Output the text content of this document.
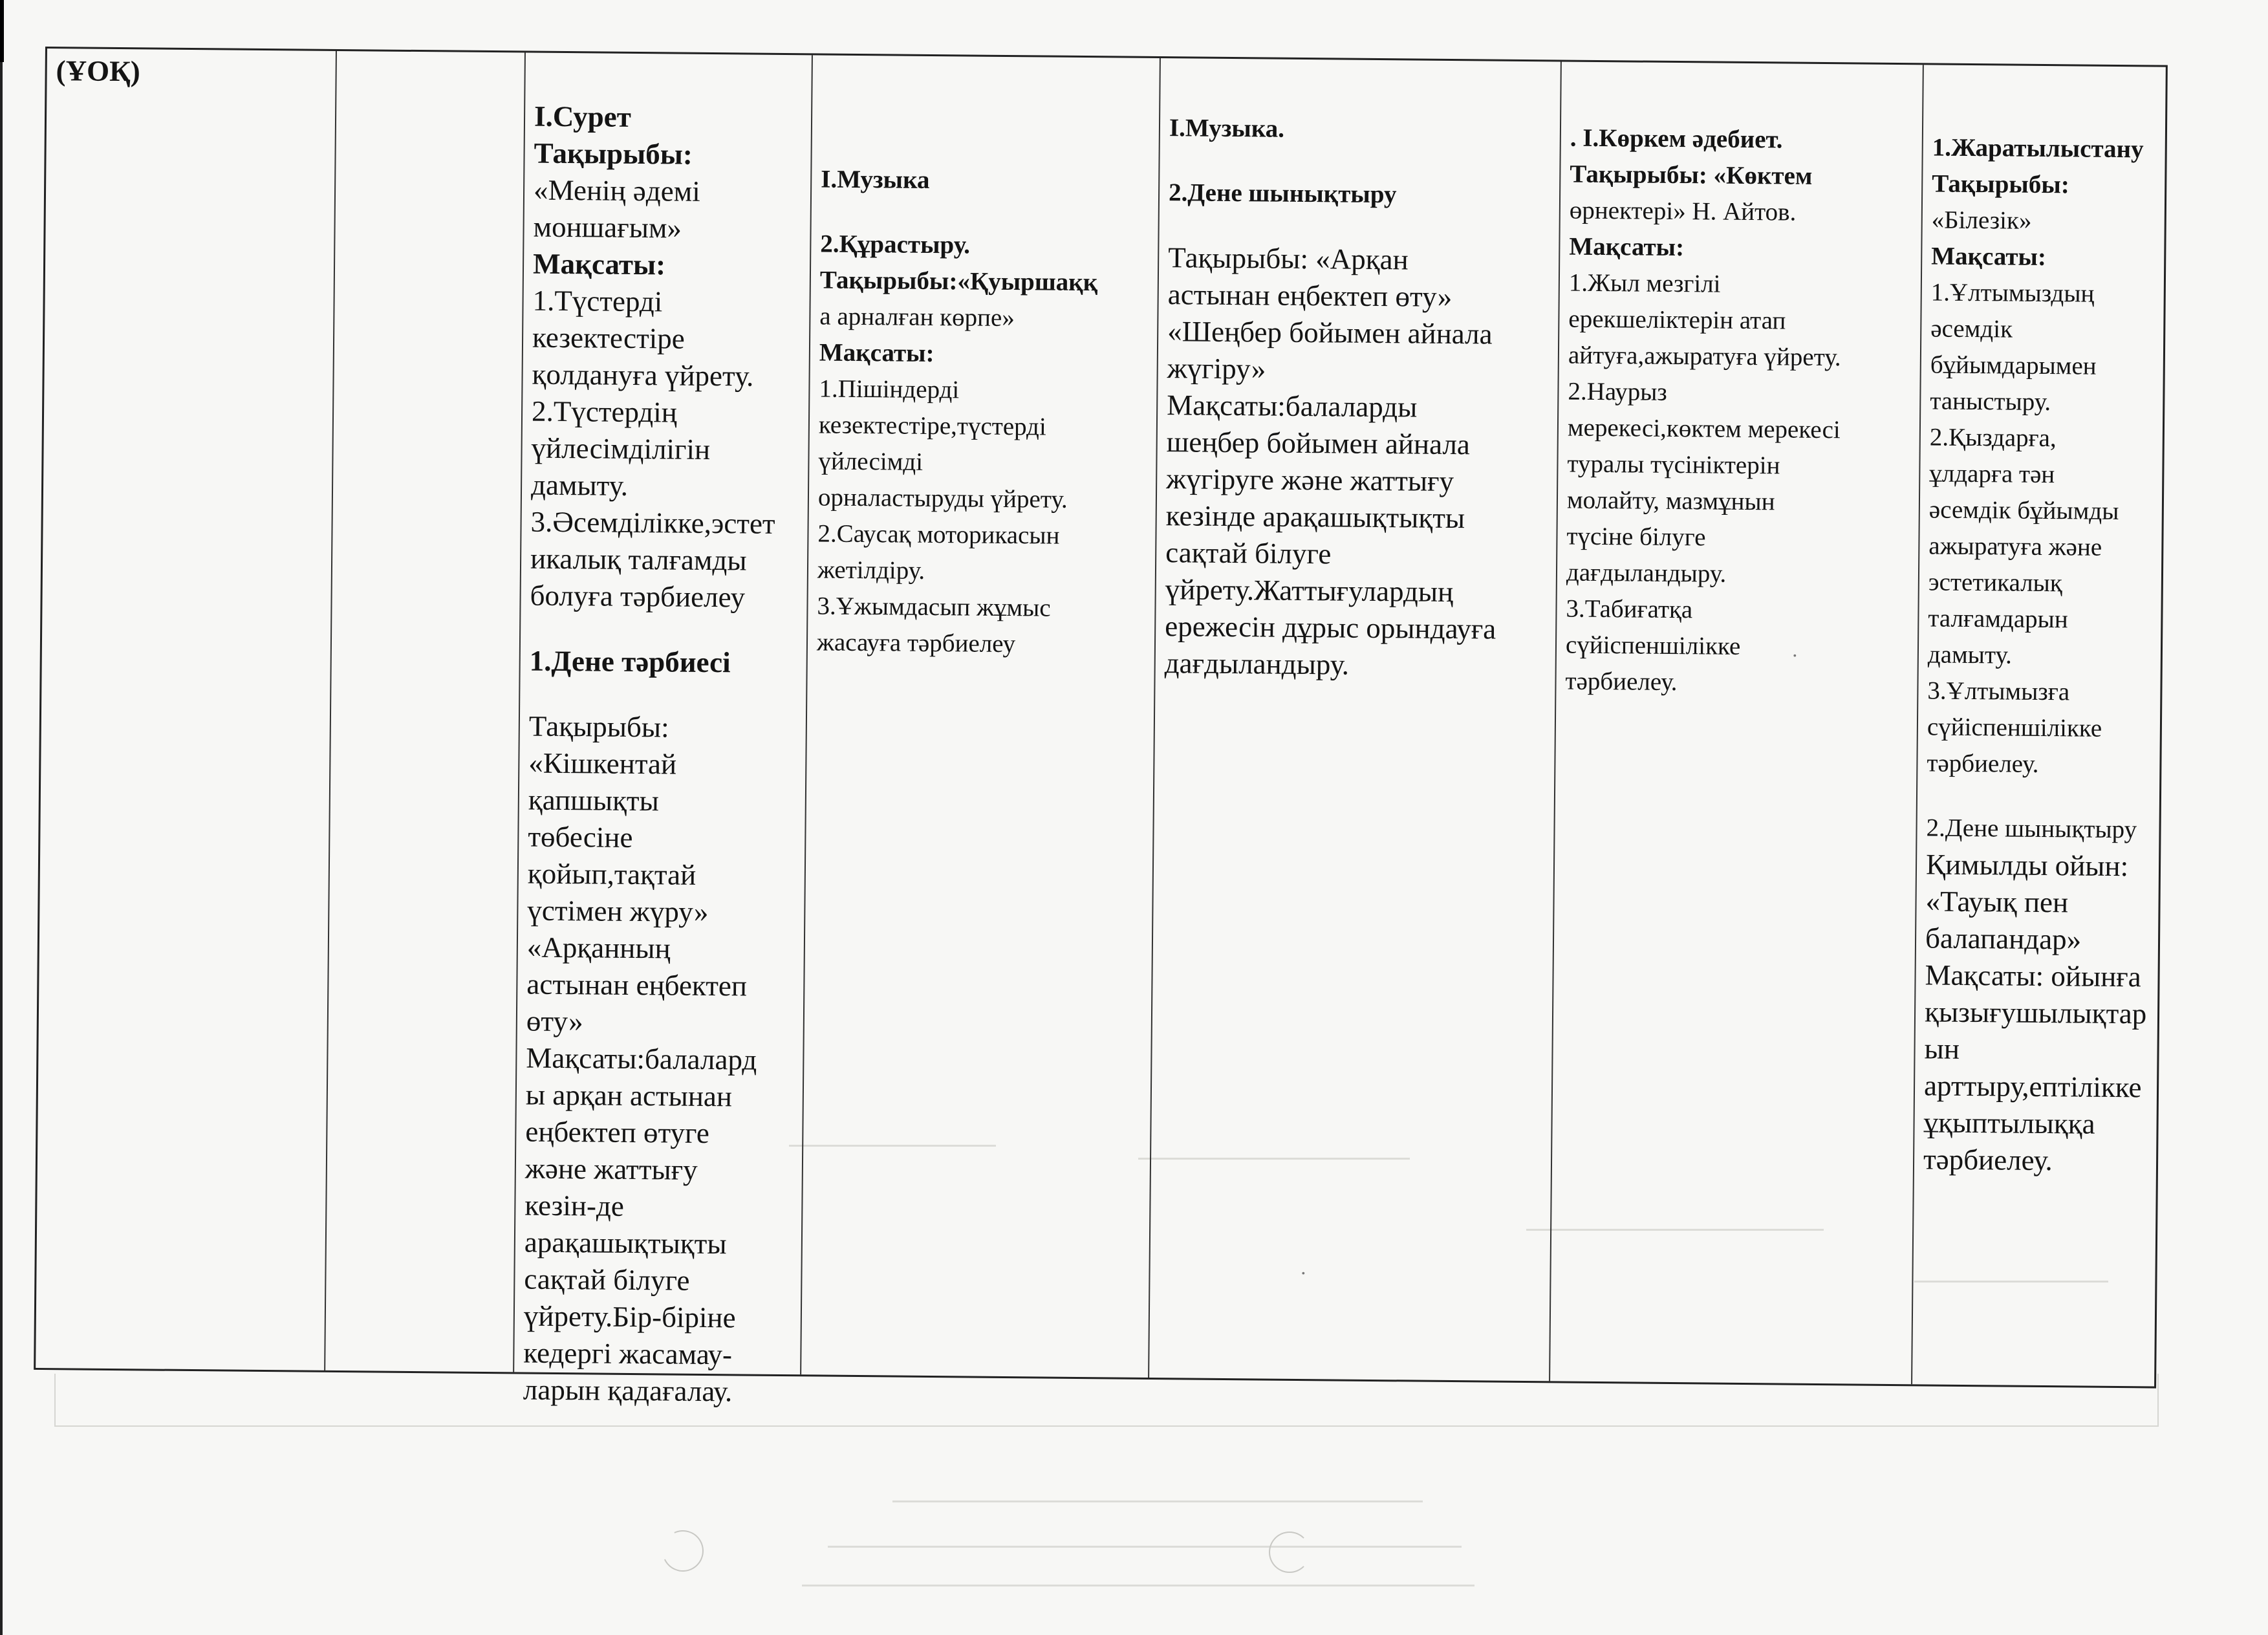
(ҰОҚ)
І.Сурет
Тақырыбы:
«Менің әдемі
моншағым»
Мақсаты:
1.Түстерді
кезектестіре
қолдануға үйрету.
2.Түстердің
үйлесімділігін
дамыту.
3.Әсемділікке,эстет
икалық талғамды
болуға тәрбиелеу
1.Дене тәрбиесі
Тақырыбы:
«Кішкентай
қапшықты
төбесіне
қойып,тақтай
үстімен жүру»
«Арқанның
астынан еңбектеп
өту»
Мақсаты:балалард
ы арқан астынан
еңбектеп өтуге
және жаттығу
кезін-де
арақашықтықты
сақтай білуге
үйрету.Бір-біріне
кедергі жасамау-
ларын қадағалау.
І.Музыка
2.Құрастыру.
Тақырыбы:«Қуыршаққ
а арналған көрпе»
Мақсаты:
1.Пішіндерді
кезектестіре,түстерді
үйлесімді
орналастыруды үйрету.
2.Саусақ моторикасын
жетілдіру.
3.Ұжымдасып жұмыс
жасауға тәрбиелеу
І.Музыка.
2.Дене шынықтыру
Тақырыбы: «Арқан
астынан еңбектеп өту»
«Шеңбер бойымен айнала
жүгіру»
Мақсаты:балаларды
шеңбер бойымен айнала
жүгіруге және жаттығу
кезінде арақашықтықты
сақтай білуге
үйрету.Жаттығулардың
ережесін дұрыс орындауға
дағдыландыру.
. І.Көркем әдебиет.
Тақырыбы: «Көктем
өрнектері» Н. Айтов.
Мақсаты:
1.Жыл мезгілі
ерекшеліктерін атап
айтуға,ажыратуға үйрету.
2.Наурыз
мерекесі,көктем мерекесі
туралы түсініктерін
молайту, мазмұнын
түсіне білуге
дағдыландыру.
3.Табиғатқа
сүйіспеншілікке
тәрбиелеу.
1.Жаратылыстану
Тақырыбы:
«Білезік»
Мақсаты:
1.Ұлтымыздың
әсемдік
бұйымдарымен
таныстыру.
2.Қыздарға,
ұлдарға тән
әсемдік бұйымды
ажыратуға және
эстетикалық
талғамдарын
дамыту.
3.Ұлтымызға
сүйіспеншілікке
тәрбиелеу.
2.Дене шынықтыру
Қимылды ойын:
«Тауық пен
балапандар»
Мақсаты: ойынға
қызығушылықтар
ын
арттыру,ептілікке
ұқыптылыққа
тәрбиелеу.
·
·
